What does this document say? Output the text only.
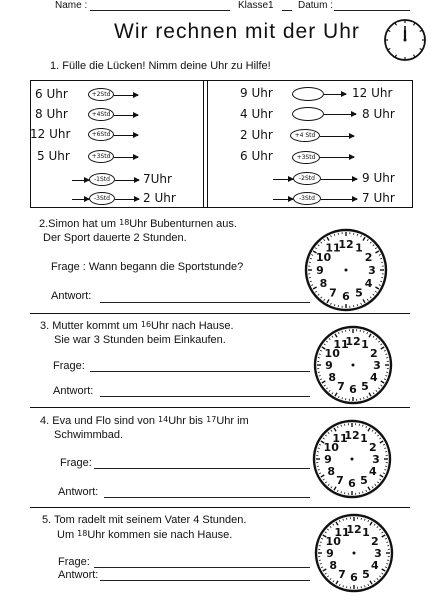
Name :	Klasse1 Datum :
Wir rechnen mit der Uhr
1. Fülle die Lücken! Nimm deine Uhr zu Hilfe!
6 Uhr	+2Std
8 Uhr	+4Std
12 Uhr	+6Std
5 Uhr	+3Std
-1Std	7Uhr
-3Std	2 Uhr
9 Uhr	12 Uhr
4 Uhr	8 Uhr
2 Uhr	+4 Std
6 Uhr	+3Std
-2Std	9 Uhr
-3Std	7 Uhr
2.Simon hat um $^{18}$Uhr Bubenturnen aus.
Der Sport dauerte 2 Stunden.
Frage : Wann begann die Sportstunde?
Antwort:
3. Mutter kommt um $^{16}$Uhr nach Hause.
Sie war 3 Stunden beim Einkaufen.
Frage:
Antwort:
4. Eva und Flo sind von $^{14}$Uhr bis $^{17}$Uhr im
Schwimmbad.
Frage:
Antwort:
5. Tom radelt mit seinem Vater 4 Stunden.
Um $^{18}$Uhr kommen sie nach Hause.
Frage:
Antwort:
1
2
3
4
5
6
7
8
9
10
11
12
1
2
3
4
5
6
7
8
9
10
11
12
1
2
3
4
5
6
7
8
9
10
11
12
1
2
3
4
5
6
7
8
9
10
11
12
